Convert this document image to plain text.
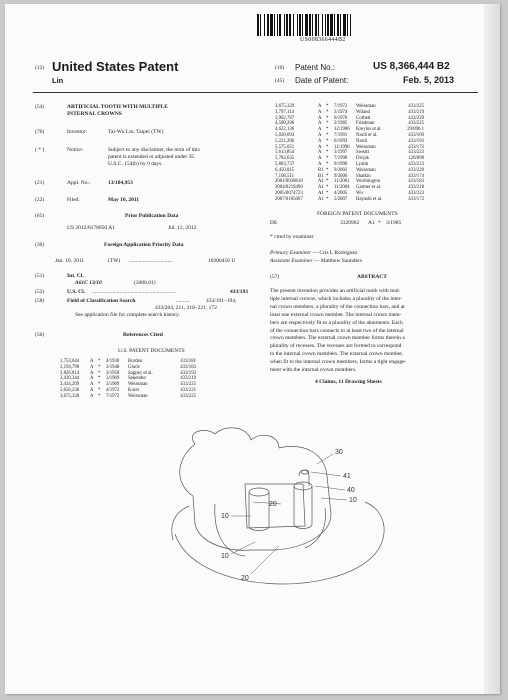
US008366444B2
(12) United States Patent
Lin
(10) Patent No.:	US 8,366,444 B2
(45) Date of Patent:	Feb. 5, 2013
(54)	ARTIFICIAL TOOTH WITH MULTIPLE
INTERNAL CROWNS
(76)	Inventor:	Tai-Wu Lin, Taipei (TW)
( * )	Notice:	Subject to any disclaimer, the term of this
patent is extended or adjusted under 35
U.S.C. 154(b) by 0 days.
(21)	Appl. No.:	13/104,953
(22)	Filed:	May 10, 2011
(65)	Prior Publication Data
US 2012/0178050 A1	Jul. 12, 2012
(30)	Foreign Application Priority Data
Jan. 10, 2011	(TW) ................................	10200456 U
(51)	Int. Cl.
A61C 13/10	(2006.01)
(52)	U.S. Cl. .............................................................	433/193
(58)	Field of Classification Search	..........	433/191–194,
433/204, 211, 218–221, 172
See application file for complete search history.
(56)	References Cited
U.S. PATENT DOCUMENTS
1,753,644	A *	4/1930	Burden	433/181
2,194,790	A *	3/1940	Gluck	433/183
2,826,814	A *	3/1958	Sappey et al.	433/193
3,430,344	A *	3/1969	Sekendur	433/219
3,434,209	A *	3/1969	Weissman	433/225
3,656,236	A *	4/1972	Kurer	433/221
3,675,328	A *	7/1972	Weissman	433/225
3,675,329	A *	7/1972	Weissman	433/225
3,797,114	A *	3/1974	Wiland	433/219
3,962,787	A *	6/1976	Corbett	433/220
4,500,296	A *	2/1985	Friedman	433/225
4,622,136	A *	12/1986	Kreylos et al.	29/896.1
5,030,094	A *	7/1991	Nardi et al.	433/169
5,221,206	A *	6/1993	Nardi	433/193
5,575,651	A *	11/1996	Weissman	433/173
5,613,854	A *	3/1997	Sweatt	433/223
5,782,635	A *	7/1998	Divjak	128/898
5,803,737	A *	9/1998	Lyalin	433/223
6,450,815	B1 *	9/2002	Weissman	433/220
7,108,511	B1 *	9/2006	Shatkin	433/174
2001/0038618	A1 *	11/2001	Worthington	433/183
2004/0219490	A1 *	11/2004	Gartner et al.	433/218
2005/0074723	A1 *	4/2005	Wu	433/223
2007/0105067	A1 *	5/2007	Hayashi et al.	433/172
FOREIGN PATENT DOCUMENTS
DE	3320902	A1 * 3/1985
* cited by examiner
Primary Examiner — Cris L Rodriguez
Assistant Examiner — Matthew Saunders
(57)	ABSTRACT
The present invention provides an artificial tooth with mul-
tiple internal crowns, which includes a plurality of the inter-
nal crown members, a plurality of the connection bars, and at
least one external crown member. The internal crown mem-
bers are respectively fit to a plurality of the abutments. Each
of the connection bars connects to at least two of the internal
crown members. The external crown member forms therein a
plurality of recesses. The recesses are formed to correspond
to the internal crown members. The external crown member,
when fit to the internal crown members, forms a tight engage-
ment with the internal crown members.
4 Claims, 11 Drawing Sheets
30
41
40
10
20
10
20
10
